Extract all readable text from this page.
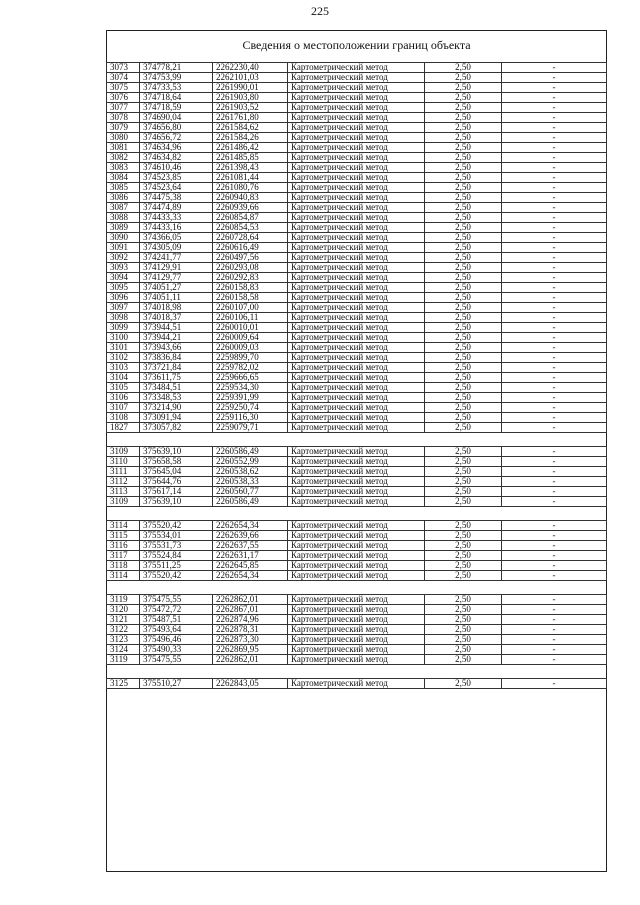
225
Сведения о местоположении границ объекта
3073	374778,21	2262230,40	Картометрический метод	2,50	-
3074	374753,99	2262101,03	Картометрический метод	2,50	-
3075	374733,53	2261990,01	Картометрический метод	2,50	-
3076	374718,64	2261903,80	Картометрический метод	2,50	-
3077	374718,59	2261903,52	Картометрический метод	2,50	-
3078	374690,04	2261761,80	Картометрический метод	2,50	-
3079	374656,80	2261584,62	Картометрический метод	2,50	-
3080	374656,72	2261584,26	Картометрический метод	2,50	-
3081	374634,96	2261486,42	Картометрический метод	2,50	-
3082	374634,82	2261485,85	Картометрический метод	2,50	-
3083	374610,46	2261398,43	Картометрический метод	2,50	-
3084	374523,85	2261081,44	Картометрический метод	2,50	-
3085	374523,64	2261080,76	Картометрический метод	2,50	-
3086	374475,38	2260940,83	Картометрический метод	2,50	-
3087	374474,89	2260939,66	Картометрический метод	2,50	-
3088	374433,33	2260854,87	Картометрический метод	2,50	-
3089	374433,16	2260854,53	Картометрический метод	2,50	-
3090	374366,05	2260728,64	Картометрический метод	2,50	-
3091	374305,09	2260616,49	Картометрический метод	2,50	-
3092	374241,77	2260497,56	Картометрический метод	2,50	-
3093	374129,91	2260293,08	Картометрический метод	2,50	-
3094	374129,77	2260292,83	Картометрический метод	2,50	-
3095	374051,27	2260158,83	Картометрический метод	2,50	-
3096	374051,11	2260158,58	Картометрический метод	2,50	-
3097	374018,98	2260107,00	Картометрический метод	2,50	-
3098	374018,37	2260106,11	Картометрический метод	2,50	-
3099	373944,51	2260010,01	Картометрический метод	2,50	-
3100	373944,21	2260009,64	Картометрический метод	2,50	-
3101	373943,66	2260009,03	Картометрический метод	2,50	-
3102	373836,84	2259899,70	Картометрический метод	2,50	-
3103	373721,84	2259782,02	Картометрический метод	2,50	-
3104	373611,75	2259666,65	Картометрический метод	2,50	-
3105	373484,51	2259534,30	Картометрический метод	2,50	-
3106	373348,53	2259391,99	Картометрический метод	2,50	-
3107	373214,90	2259250,74	Картометрический метод	2,50	-
3108	373091,94	2259116,30	Картометрический метод	2,50	-
1827	373057,82	2259079,71	Картометрический метод	2,50	-

3109	375639,10	2260586,49	Картометрический метод	2,50	-
3110	375658,58	2260552,99	Картометрический метод	2,50	-
3111	375645,04	2260538,62	Картометрический метод	2,50	-
3112	375644,76	2260538,33	Картометрический метод	2,50	-
3113	375617,14	2260560,77	Картометрический метод	2,50	-
3109	375639,10	2260586,49	Картометрический метод	2,50	-

3114	375520,42	2262654,34	Картометрический метод	2,50	-
3115	375534,01	2262639,66	Картометрический метод	2,50	-
3116	375531,73	2262637,55	Картометрический метод	2,50	-
3117	375524,84	2262631,17	Картометрический метод	2,50	-
3118	375511,25	2262645,85	Картометрический метод	2,50	-
3114	375520,42	2262654,34	Картометрический метод	2,50	-

3119	375475,55	2262862,01	Картометрический метод	2,50	-
3120	375472,72	2262867,01	Картометрический метод	2,50	-
3121	375487,51	2262874,96	Картометрический метод	2,50	-
3122	375493,64	2262878,31	Картометрический метод	2,50	-
3123	375496,46	2262873,30	Картометрический метод	2,50	-
3124	375490,33	2262869,95	Картометрический метод	2,50	-
3119	375475,55	2262862,01	Картометрический метод	2,50	-

3125	375510,27	2262843,05	Картометрический метод	2,50	-
